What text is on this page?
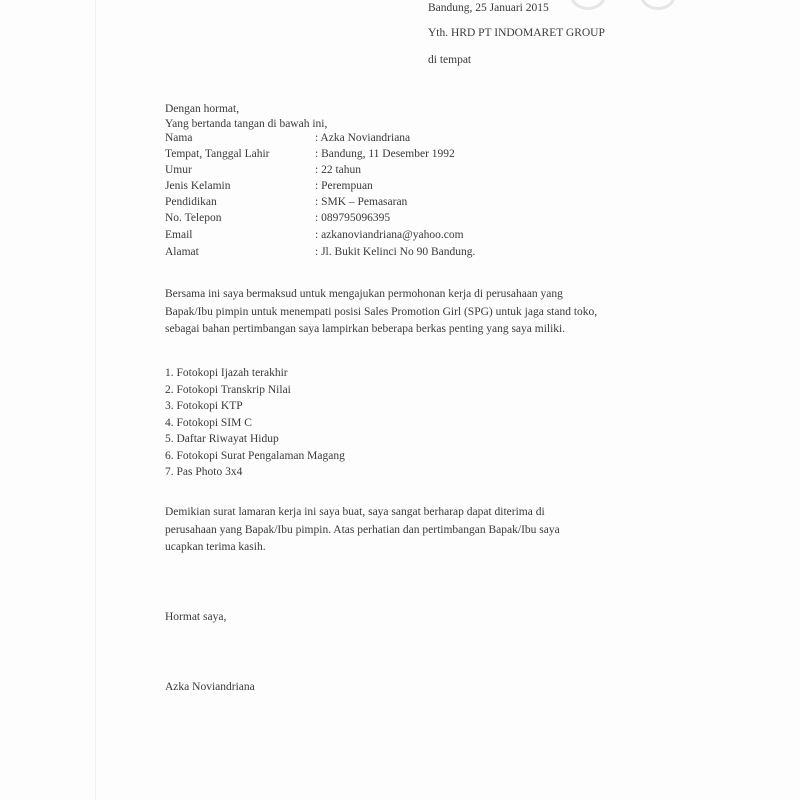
Bandung, 25 Januari 2015
Yth. HRD PT INDOMARET GROUP
di tempat
Dengan hormat,
Yang bertanda tangan di bawah ini,
Nama	: Azka Noviandriana
Tempat, Tanggal Lahir	: Bandung, 11 Desember 1992
Umur	: 22 tahun
Jenis Kelamin	: Perempuan
Pendidikan	: SMK – Pemasaran
No. Telepon	: 089795096395
Email	: azkanoviandriana@yahoo.com
Alamat	: Jl. Bukit Kelinci No 90 Bandung.
Bersama ini saya bermaksud untuk mengajukan permohonan kerja di perusahaan yang
Bapak/Ibu pimpin untuk menempati posisi Sales Promotion Girl (SPG) untuk jaga stand toko,
sebagai bahan pertimbangan saya lampirkan beberapa berkas penting yang saya miliki.
1. Fotokopi Ijazah terakhir
2. Fotokopi Transkrip Nilai
3. Fotokopi KTP
4. Fotokopi SIM C
5. Daftar Riwayat Hidup
6. Fotokopi Surat Pengalaman Magang
7. Pas Photo 3x4
Demikian surat lamaran kerja ini saya buat, saya sangat berharap dapat diterima di
perusahaan yang Bapak/Ibu pimpin. Atas perhatian dan pertimbangan Bapak/Ibu saya
ucapkan terima kasih.
Hormat saya,
Azka Noviandriana
